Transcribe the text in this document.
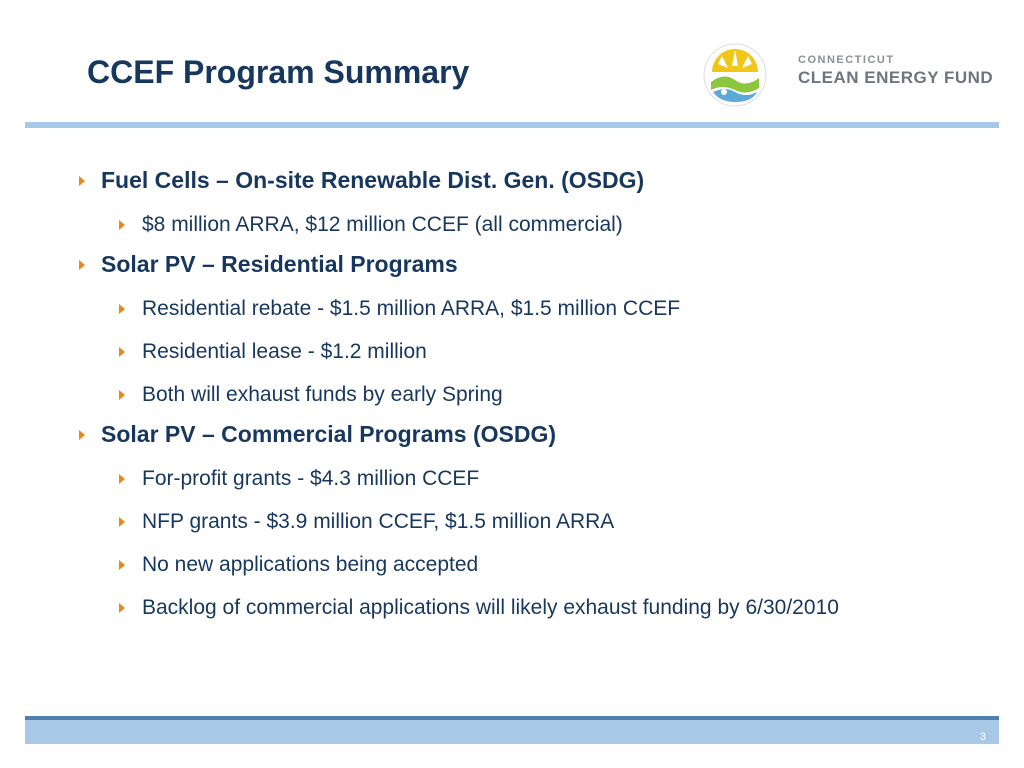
CCEF Program Summary	CONNECTICUT
CLEAN ENERGY FUND
Fuel Cells – On-site Renewable Dist. Gen. (OSDG)
$8 million ARRA, $12 million CCEF (all commercial)
Solar PV – Residential Programs
Residential rebate - $1.5 million ARRA, $1.5 million CCEF
Residential lease - $1.2 million
Both will exhaust funds by early Spring
Solar PV – Commercial Programs (OSDG)
For-profit grants - $4.3 million CCEF
NFP grants - $3.9 million CCEF, $1.5 million ARRA
No new applications being accepted
Backlog of commercial applications will likely exhaust funding by 6/30/2010
3
